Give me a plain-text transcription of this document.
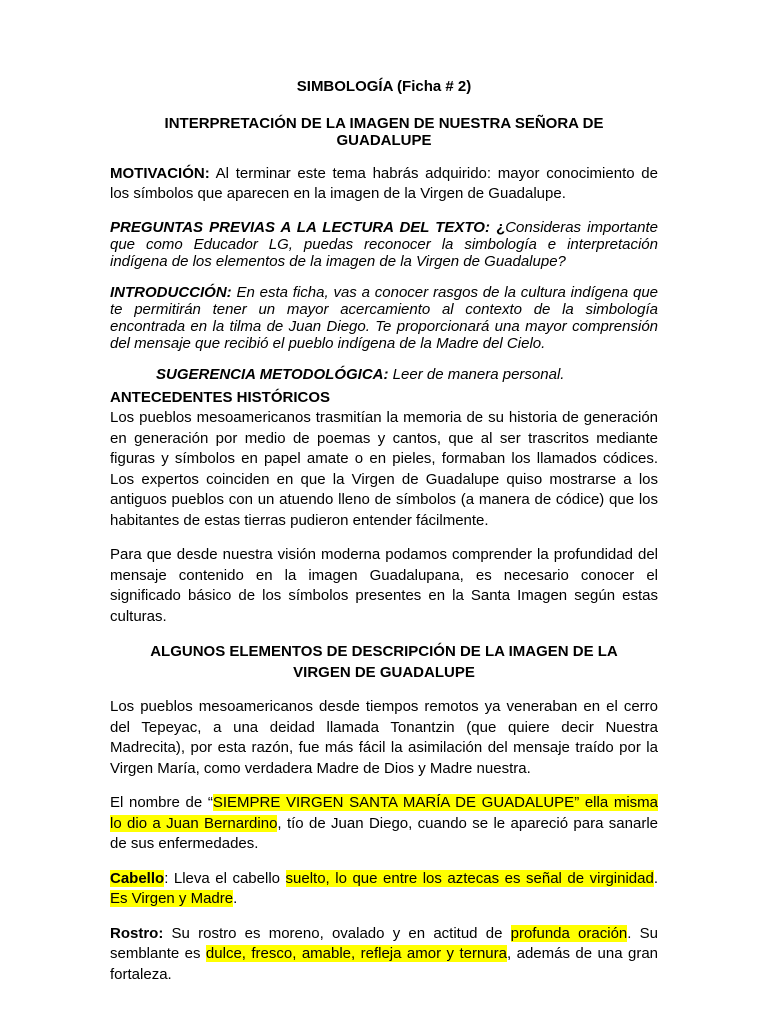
SIMBOLOGÍA (Ficha # 2)

INTERPRETACIÓN DE LA IMAGEN DE NUESTRA SEÑORA DE
GUADALUPE

MOTIVACIÓN: Al terminar este tema habrás adquirido: mayor conocimiento de los símbolos que aparecen en la imagen de la Virgen de Guadalupe.

PREGUNTAS PREVIAS A LA LECTURA DEL TEXTO: ¿Consideras importante que como Educador LG, puedas reconocer la simbología e interpretación indígena de los elementos de la imagen de la Virgen de Guadalupe?

INTRODUCCIÓN: En esta ficha, vas a conocer rasgos de la cultura indígena que te permitirán tener un mayor acercamiento al contexto de la simbología encontrada en la tilma de Juan Diego. Te proporcionará una mayor comprensión del mensaje que recibió el pueblo indígena de la Madre del Cielo.

SUGERENCIA METODOLÓGICA: Leer de manera personal.

ANTECEDENTES HISTÓRICOS

Los pueblos mesoamericanos trasmitían la memoria de su historia de generación en generación por medio de poemas y cantos, que al ser trascritos mediante figuras y símbolos en papel amate o en pieles, formaban los llamados códices. Los expertos coinciden en que la Virgen de Guadalupe quiso mostrarse a los antiguos pueblos con un atuendo lleno de símbolos (a manera de códice) que los habitantes de estas tierras pudieron entender fácilmente.

Para que desde nuestra visión moderna podamos comprender la profundidad del mensaje contenido en la imagen Guadalupana, es necesario conocer el significado básico de los símbolos presentes en la Santa Imagen según estas culturas.

ALGUNOS ELEMENTOS DE DESCRIPCIÓN DE LA IMAGEN DE LA
VIRGEN DE GUADALUPE

Los pueblos mesoamericanos desde tiempos remotos ya veneraban en el cerro del Tepeyac, a una deidad llamada Tonantzin (que quiere decir Nuestra Madrecita), por esta razón, fue más fácil la asimilación del mensaje traído por la Virgen María, como verdadera Madre de Dios y Madre nuestra.

El nombre de “SIEMPRE VIRGEN SANTA MARÍA DE GUADALUPE” ella misma lo dio a Juan Bernardino, tío de Juan Diego, cuando se le apareció para sanarle de sus enfermedades.

Cabello: Lleva el cabello suelto, lo que entre los aztecas es señal de virginidad. Es Virgen y Madre.

Rostro: Su rostro es moreno, ovalado y en actitud de profunda oración. Su semblante es dulce, fresco, amable, refleja amor y ternura, además de una gran fortaleza.
